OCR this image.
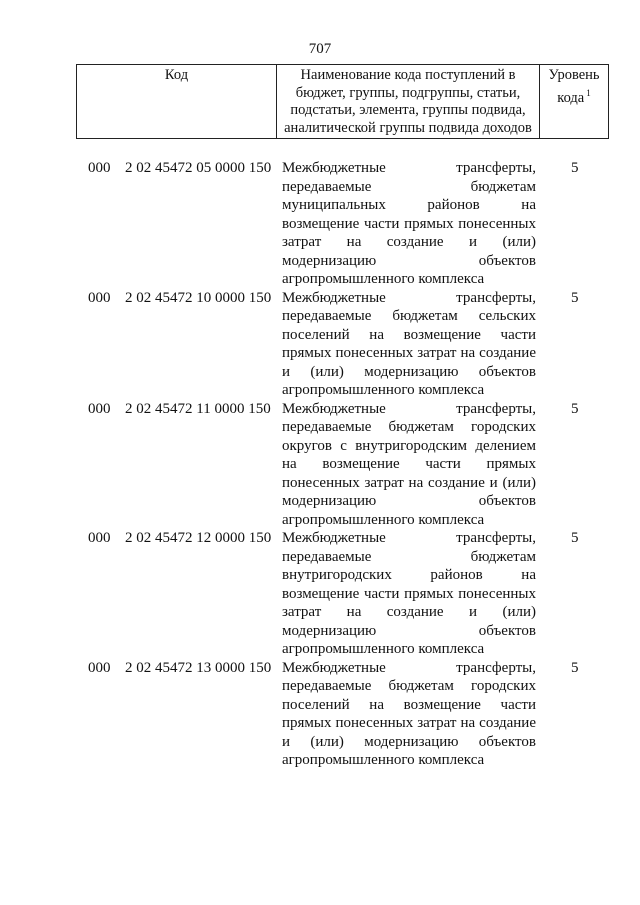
707
Код	Наименование кода поступлений в бюджет, группы, подгруппы, статьи, подстатьи, элемента, группы подвида, аналитической группы подвида доходов
Уровень кода $^1$
000 2 02 45472 05 0000 150 Межбюджетные трансферты, передаваемые бюджетам муниципальных районов на возмещение части прямых понесенных затрат на создание и (или) модернизацию объектов агропромышленного комплекса
5
000 2 02 45472 10 0000 150 Межбюджетные трансферты, передаваемые бюджетам сельских поселений на возмещение части прямых понесенных затрат на создание и (или) модернизацию объектов агропромышленного комплекса
5
000 2 02 45472 11 0000 150 Межбюджетные трансферты, передаваемые бюджетам городских округов с внутригородским делением на возмещение части прямых понесенных затрат на создание и (или) модернизацию объектов агропромышленного комплекса
5
000 2 02 45472 12 0000 150 Межбюджетные трансферты, передаваемые бюджетам внутригородских районов на возмещение части прямых понесенных затрат на создание и (или) модернизацию объектов агропромышленного комплекса
5
000 2 02 45472 13 0000 150 Межбюджетные трансферты, передаваемые бюджетам городских поселений на возмещение части прямых понесенных затрат на создание и (или) модернизацию объектов агропромышленного комплекса
5
